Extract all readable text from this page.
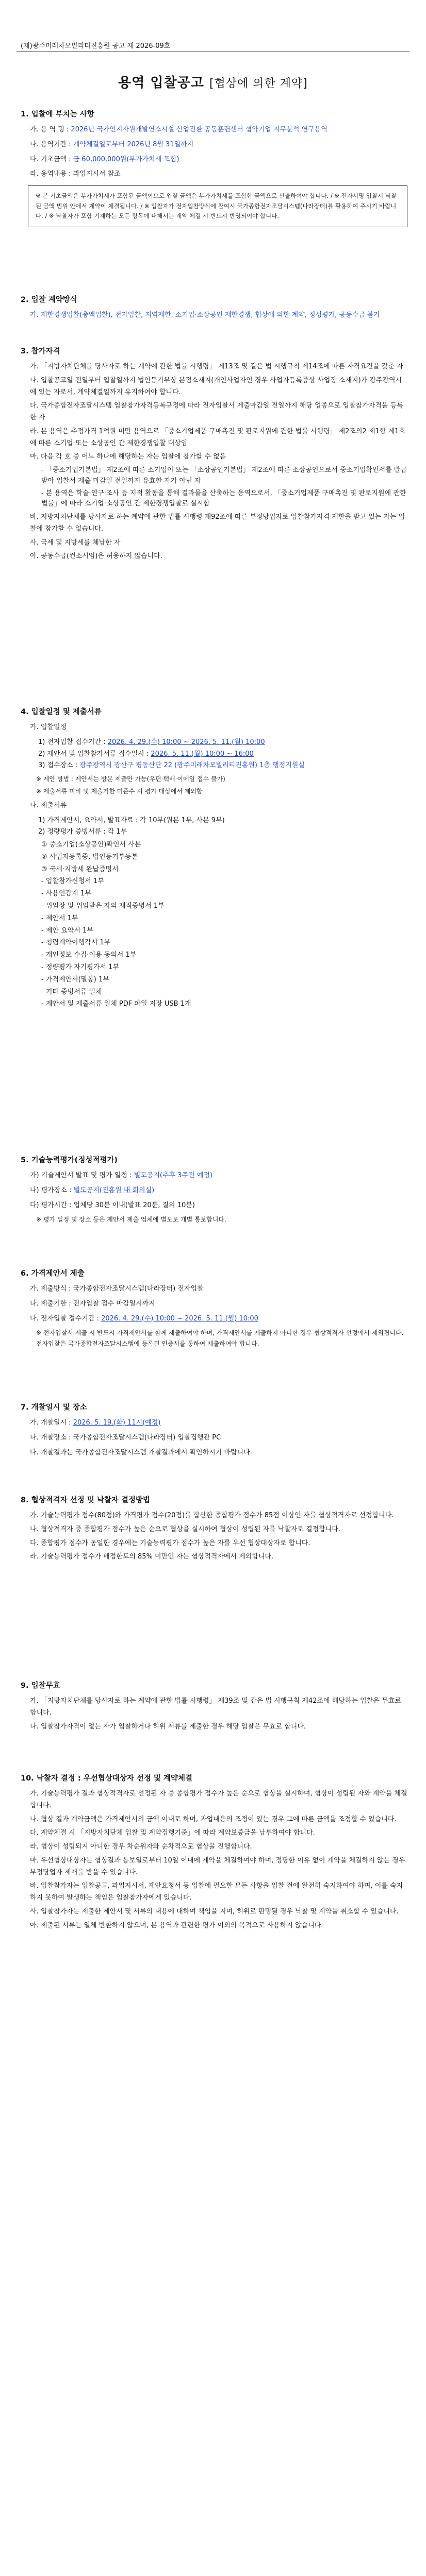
(재)광주미래차모빌리티진흥원 공고 제 2026-09호
용역 입찰공고 [협상에 의한 계약]
1. 입찰에 부치는 사항
가. 용 역 명 : 2026년 국가인지자원개발연소시설 산업전환 공동훈련센터 협약기업 지무분석 연구용역
나. 용역기간 : 계약체결일로부터 2026년 8월 31일까지
다. 기초금액 : 금 60,000,000원(부가가치세 포함)
라. 용역내용 : 과업지시서 참조
※ 본 기초금액은 부가가치세가 포함된 금액이므로 입찰 금액은 부가가치세를 포함한 금액으로 산출하여야 합니다. / ※ 전자서명 입찰시 낙찰된 금액 범위 안에서 계약이 체결됩니다. / ※ 입찰자가 전자입찰방식에 참여시 국가종합전자조달시스템(나라장터)를 활용하여 주시기 바랍니다. / ※ 낙찰자가 포함 기재하는 모든 항목에 대해서는 계약 체결 시 반드시 반영되어야 합니다.
2. 입찰 계약방식
가. 제한경쟁입찰(총액입찰), 전자입찰, 지역제한, 소기업·소상공인 제한경쟁, 협상에 의한 계약, 정성평가, 공동수급 불가
3. 참가자격
가. 「지방자치단체를 당사자로 하는 계약에 관한 법률 시행령」 제13조 및 같은 법 시행규칙 제14조에 따른 자격요건을 갖춘 자
나. 입찰공고일 전일부터 입찰일까지 법인등기부상 본점소재지(개인사업자인 경우 사업자등록증상 사업장 소재지)가 광주광역시에 있는 자로서, 계약체결일까지 유지하여야 합니다.
다. 국가종합전자조달시스템 입찰참가자격등록규정에 따라 전자입찰서 제출마감일 전일까지 해당 업종으로 입찰참가자격을 등록한 자
라. 본 용역은 추정가격 1억원 미만 용역으로 「중소기업제품 구매촉진 및 판로지원에 관한 법률 시행령」 제2조의2 제1항 제1호에 따른 소기업 또는 소상공인 간 제한경쟁입찰 대상임
마. 다음 각 호 중 어느 하나에 해당하는 자는 입찰에 참가할 수 없음
- 「중소기업기본법」 제2조에 따른 소기업이 또는 「소상공인기본법」 제2조에 따른 소상공인으로서 중소기업확인서를 발급받아 입찰서 제출 마감일 전일까지 유효한 자가 아닌 자
- 본 용역은 학술·연구·조사 등 지적 활동을 통해 결과물을 산출하는 용역으로서, 「중소기업제품 구매촉진 및 판로지원에 관한 법률」에 따라 소기업·소상공인 간 제한경쟁입찰로 실시함
바. 지방자치단체를 당사자로 하는 계약에 관한 법률 시행령 제92조에 따른 부정당업자로 입찰참가자격 제한을 받고 있는 자는 입찰에 참가할 수 없습니다.
사. 국세 및 지방세를 체납한 자
아. 공동수급(컨소시엄)은 허용하지 않습니다.
4. 입찰일정 및 제출서류
가. 입찰일정
1) 전자입찰 접수기간 : 2026. 4. 29.(수) 10:00 ~ 2026. 5. 11.(월) 10:00
2) 제안서 및 입찰참가서류 접수일시 : 2026. 5. 11.(월) 10:00 ~ 16:00
3) 접수장소 : 광주광역시 광산구 평동산단 22 (광주미래차모빌리티진흥원) 1층 행정지원실
※ 제안 방법 : 제안서는 방문 제출만 가능(우편·택배·이메일 접수 불가)
※ 제출서류 미비 및 제출기한 미준수 시 평가 대상에서 제외함
나. 제출서류
1) 가격제안서, 요약서, 발표자료 : 각 10부(원본 1부, 사본 9부)
2) 정량평가 증빙서류 : 각 1부
① 중소기업(소상공인)확인서 사본
② 사업자등록증, 법인등기부등본
③ 국세·지방세 완납증명서
- 입찰참가신청서 1부
- 사용인감계 1부
- 위임장 및 위임받은 자의 재직증명서 1부
- 제안서 1부
- 제안 요약서 1부
- 청렴계약이행각서 1부
- 개인정보 수집·이용 동의서 1부
- 정량평가 자기평가서 1부
- 가격제안서(밀봉) 1부
- 기타 증빙서류 일체
- 제안서 및 제출서류 일체 PDF 파일 저장 USB 1개
5. 기술능력평가(정성적평가)
가) 기술제안서 발표 및 평가 일정 : 별도공지(추후 3주전 예정)
나) 평가장소 : 별도공지(진흥원 내 회의실)
다) 평가시간 : 업체당 30분 이내(발표 20분, 질의 10분)
※ 평가 일정 및 장소 등은 제안서 제출 업체에 별도로 개별 통보합니다.
6. 가격제안서 제출
가. 제출방식 : 국가종합전자조달시스템(나라장터) 전자입찰
나. 제출기한 : 전자입찰 접수 마감일시까지
다. 전자입찰 접수기간 : 2026. 4. 29.(수) 10:00 ~ 2026. 5. 11.(월) 10:00
※ 전자입찰서 제출 시 반드시 가격제안서를 함께 제출하여야 하며, 가격제안서를 제출하지 아니한 경우 협상적격자 선정에서 제외됩니다. 전자입찰은 국가종합전자조달시스템에 등록된 인증서를 통하여 제출하여야 합니다.
7. 개찰일시 및 장소
가. 개찰일시 : 2026. 5. 19.(화) 11시(예정)
나. 개찰장소 : 국가종합전자조달시스템(나라장터) 입찰집행관 PC
다. 개찰결과는 국가종합전자조달시스템 개찰결과에서 확인하시기 바랍니다.
8. 협상적격자 선정 및 낙찰자 결정방법
가. 기술능력평가 점수(80점)와 가격평가 점수(20점)를 합산한 종합평가 점수가 85점 이상인 자를 협상적격자로 선정합니다.
나. 협상적격자 중 종합평가 점수가 높은 순으로 협상을 실시하여 협상이 성립된 자를 낙찰자로 결정합니다.
다. 종합평가 점수가 동일한 경우에는 기술능력평가 점수가 높은 자를 우선 협상대상자로 합니다.
라. 기술능력평가 점수가 배점한도의 85% 미만인 자는 협상적격자에서 제외합니다.
9. 입찰무효
가. 「지방자치단체를 당사자로 하는 계약에 관한 법률 시행령」 제39조 및 같은 법 시행규칙 제42조에 해당하는 입찰은 무효로 합니다.
나. 입찰참가자격이 없는 자가 입찰하거나 허위 서류를 제출한 경우 해당 입찰은 무효로 합니다.
10. 낙찰자 결정 : 우선협상대상자 선정 및 계약체결
가. 기술능력평가 결과 협상적격자로 선정된 자 중 종합평가 점수가 높은 순으로 협상을 실시하며, 협상이 성립된 자와 계약을 체결합니다.
나. 협상 결과 계약금액은 가격제안서의 금액 이내로 하며, 과업내용의 조정이 있는 경우 그에 따른 금액을 조정할 수 있습니다.
다. 계약체결 시 「지방자치단체 입찰 및 계약집행기준」에 따라 계약보증금을 납부하여야 합니다.
라. 협상이 성립되지 아니한 경우 차순위자와 순차적으로 협상을 진행합니다.
마. 우선협상대상자는 협상결과 통보일로부터 10일 이내에 계약을 체결하여야 하며, 정당한 이유 없이 계약을 체결하지 않는 경우 부정당업자 제재를 받을 수 있습니다.
바. 입찰참가자는 입찰공고, 과업지시서, 제안요청서 등 입찰에 필요한 모든 사항을 입찰 전에 완전히 숙지하여야 하며, 이를 숙지하지 못하여 발생하는 책임은 입찰참가자에게 있습니다.
사. 입찰참가자는 제출한 제안서 및 서류의 내용에 대하여 책임을 지며, 허위로 판명될 경우 낙찰 및 계약을 취소할 수 있습니다.
아. 제출된 서류는 일체 반환하지 않으며, 본 용역과 관련한 평가 이외의 목적으로 사용하지 않습니다.
